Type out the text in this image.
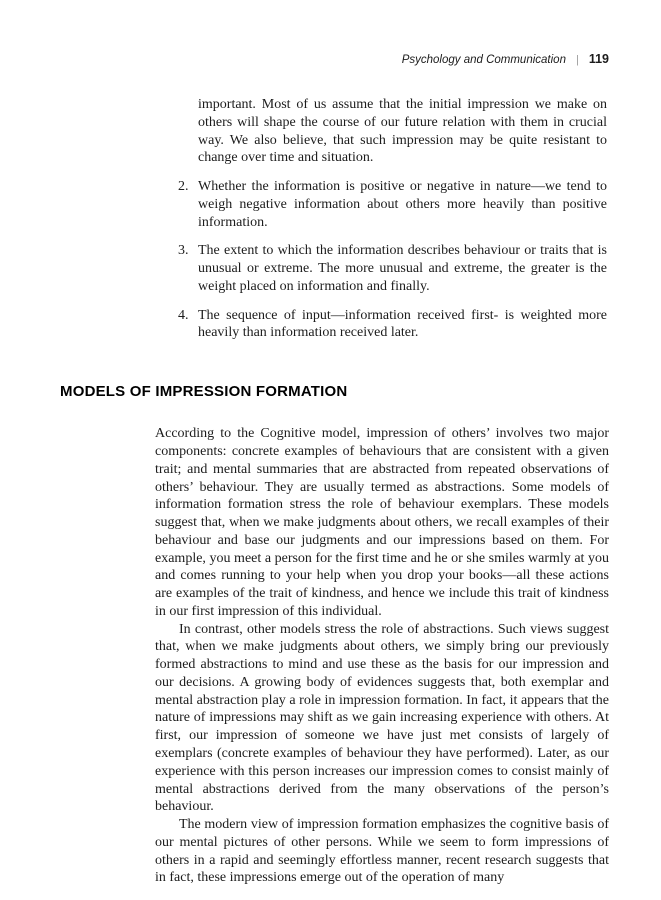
Psychology and Communication | 119
important. Most of us assume that the initial impression we make on others will shape the course of our future relation with them in crucial way. We also believe, that such impression may be quite resistant to change over time and situation.
2. Whether the information is positive or negative in nature—we tend to weigh negative information about others more heavily than positive information.
3. The extent to which the information describes behaviour or traits that is unusual or extreme. The more unusual and extreme, the greater is the weight placed on information and finally.
4. The sequence of input—information received first- is weighted more heavily than information received later.
MODELS OF IMPRESSION FORMATION

According to the Cognitive model, impression of others’ involves two major components: concrete examples of behaviours that are consistent with a given trait; and mental summaries that are abstracted from repeated observations of others’ behaviour. They are usually termed as abstractions. Some models of information formation stress the role of behaviour exemplars. These models suggest that, when we make judgments about others, we recall examples of their behaviour and base our judgments and our impressions based on them. For example, you meet a person for the first time and he or she smiles warmly at you and comes running to your help when you drop your books—all these actions are examples of the trait of kindness, and hence we include this trait of kindness in our first impression of this individual.

In contrast, other models stress the role of abstractions. Such views suggest that, when we make judgments about others, we simply bring our previously formed abstractions to mind and use these as the basis for our impression and our decisions. A growing body of evidences suggests that, both exemplar and mental abstraction play a role in impression formation. In fact, it appears that the nature of impressions may shift as we gain increasing experience with others. At first, our impression of someone we have just met consists of largely of exemplars (concrete examples of behaviour they have performed). Later, as our experience with this person increases our impression comes to consist mainly of mental abstractions derived from the many observations of the person’s behaviour.

The modern view of impression formation emphasizes the cognitive basis of our mental pictures of other persons. While we seem to form impressions of others in a rapid and seemingly effortless manner, recent research suggests that in fact, these impressions emerge out of the operation of many
